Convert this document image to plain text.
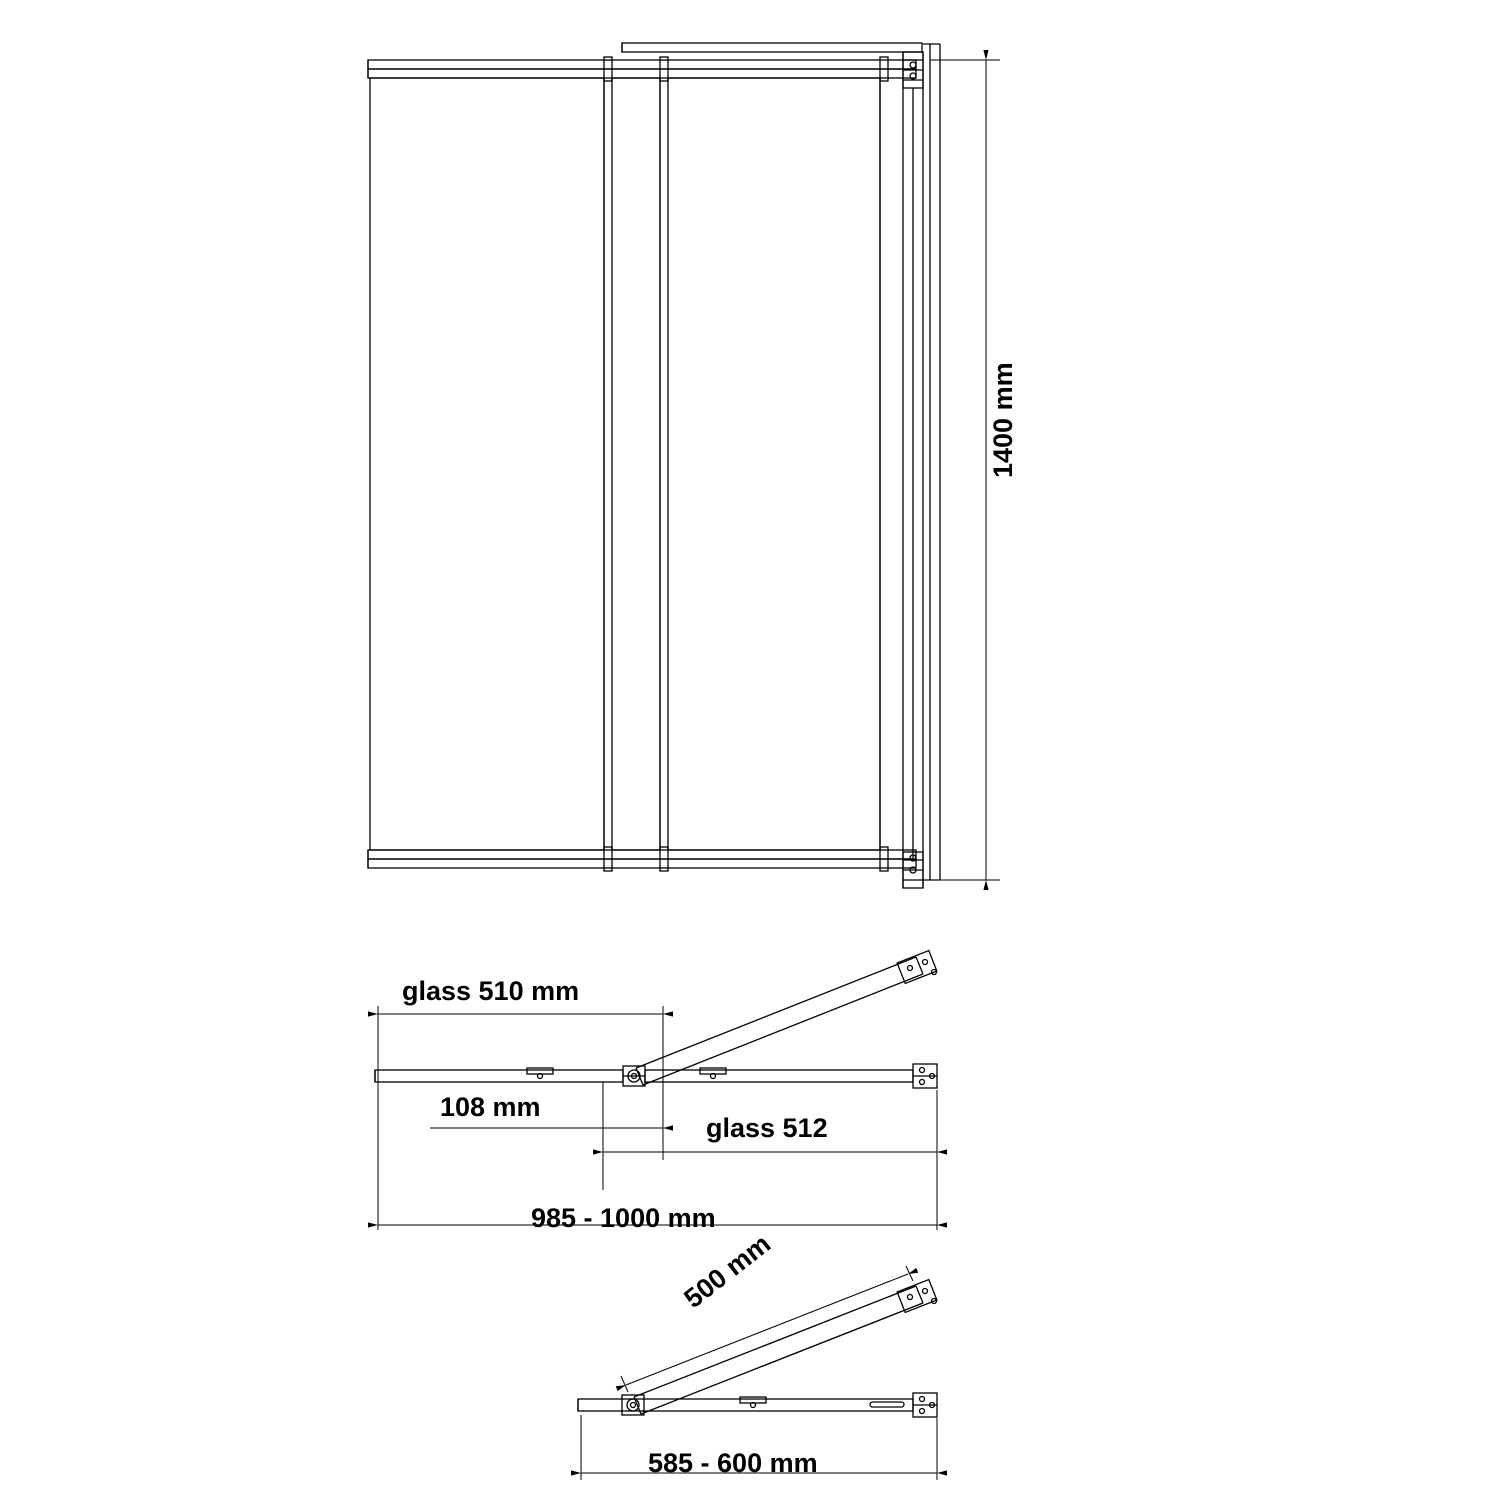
1400 mm
glass 510 mm
108 mm
glass 512
985 - 1000 mm
500 mm
585 - 600 mm
